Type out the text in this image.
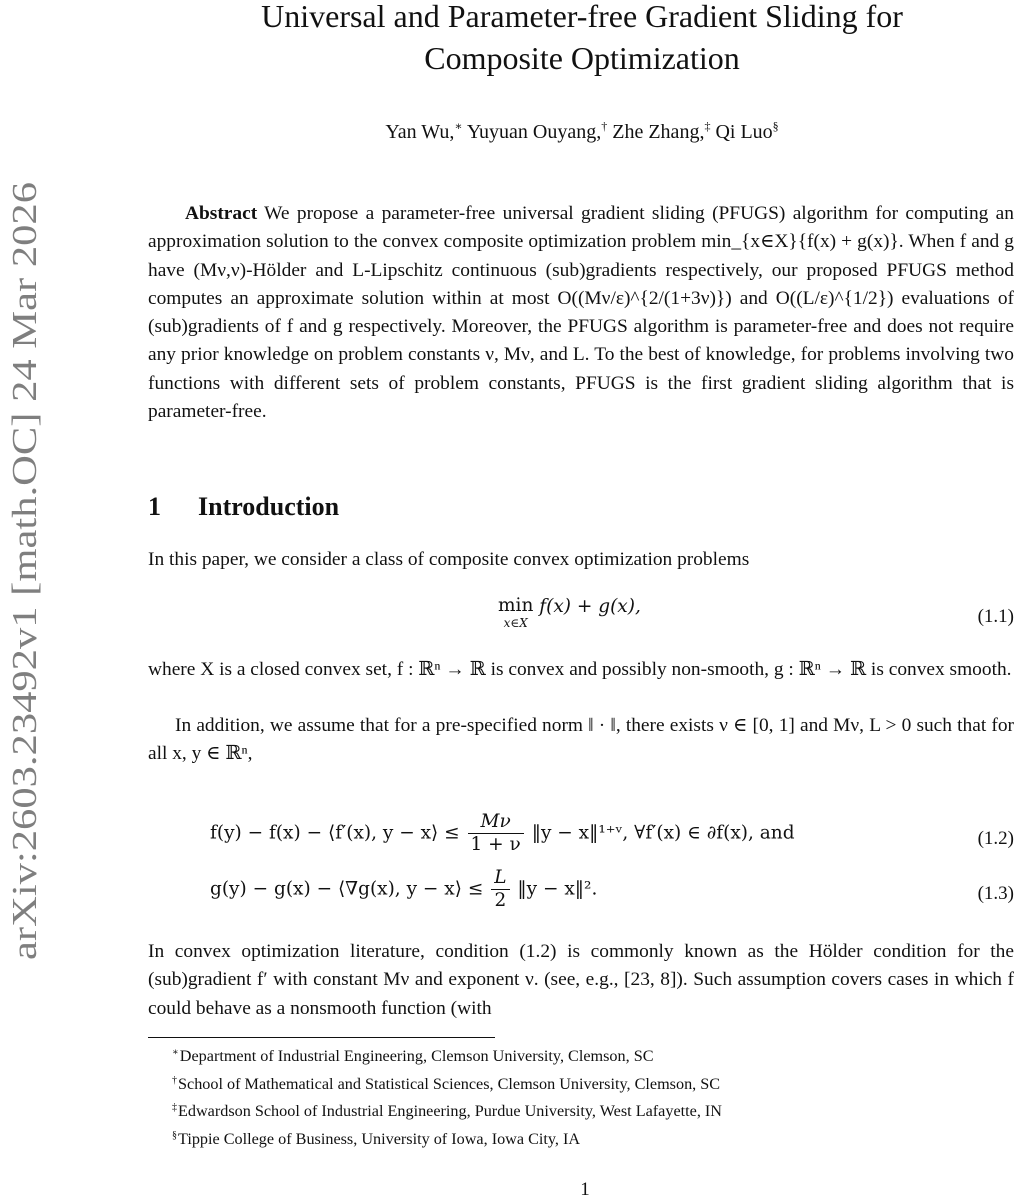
arXiv:2603.23492v1 [math.OC] 24 Mar 2026
Universal and Parameter-free Gradient Sliding for
Composite Optimization
Yan Wu,∗ Yuyuan Ouyang,† Zhe Zhang,‡ Qi Luo§

Abstract We propose a parameter-free universal gradient sliding (PFUGS) algorithm for computing an approximation solution to the convex composite optimization problem min_{x∈X}{f(x) + g(x)}. When f and g have (Mν,ν)-Hölder and L-Lipschitz continuous (sub)gradients respectively, our proposed PFUGS method computes an approximate solution within at most O((Mν/ε)^{2/(1+3ν)}) and O((L/ε)^{1/2}) evaluations of (sub)gradients of f and g respectively. Moreover, the PFUGS algorithm is parameter-free and does not require any prior knowledge on problem constants ν, Mν, and L. To the best of knowledge, for problems involving two functions with different sets of problem constants, PFUGS is the first gradient sliding algorithm that is parameter-free.

1 Introduction

In this paper, we consider a class of composite convex optimization problems

min
x∈X
f(x) + g(x),	(1.1)

where X is a closed convex set, f : ℝⁿ → ℝ is convex and possibly non-smooth, g : ℝⁿ → ℝ is convex smooth.

In addition, we assume that for a pre-specified norm ‖ · ‖, there exists ν ∈ [0, 1] and Mν, L > 0 such that for all x, y ∈ ℝⁿ,

f(y) − f(x) − ⟨f′(x), y − x⟩ ≤ $\frac{M\nu}{1 + \nu}$ ‖y − x‖¹⁺ᵛ, ∀f′(x) ∈ ∂f(x), and	(1.2)
g(y) − g(x) − ⟨∇g(x), y − x⟩ ≤ $\frac{L}{2}$ ‖y − x‖².	(1.3)

In convex optimization literature, condition (1.2) is commonly known as the Hölder condition for the (sub)gradient f′ with constant Mν and exponent ν. (see, e.g., [23, 8]). Such assumption covers cases in which f could behave as a nonsmooth function (with

∗Department of Industrial Engineering, Clemson University, Clemson, SC
†School of Mathematical and Statistical Sciences, Clemson University, Clemson, SC
‡Edwardson School of Industrial Engineering, Purdue University, West Lafayette, IN
§Tippie College of Business, University of Iowa, Iowa City, IA
1
